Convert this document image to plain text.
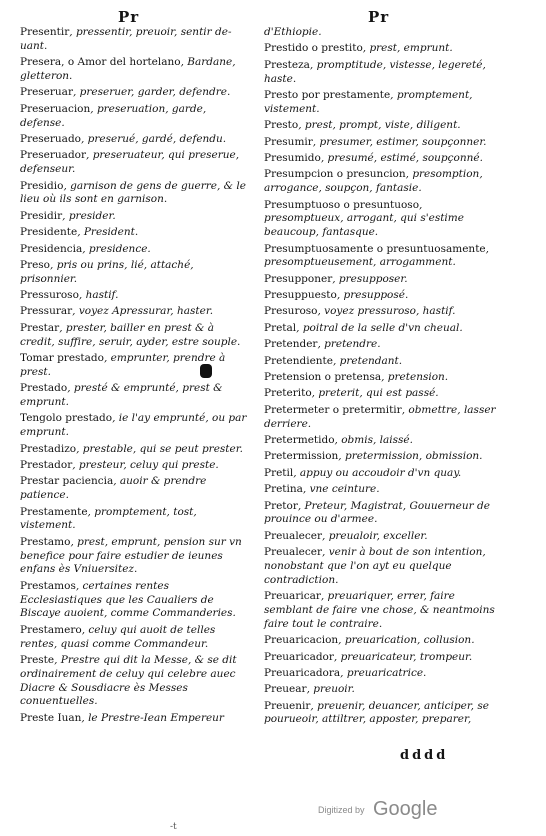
Pr	Pr

Presentir, pressentir, preuoir, sentir de-uant.

Presera, o Amor del hortelano, Bardane, gletteron.

Preseruar, preseruer, garder, defendre.

Preseruacion, preseruation, garde, defense.

Preseruado, preserué, gardé, defendu.

Preseruador, preseruateur, qui preserue, defenseur.

Presidio, garnison de gens de guerre, & le lieu où ils sont en garnison.

Presidir, presider.

Presidente, President.

Presidencia, presidence.

Preso, pris ou prins, lié, attaché, prisonnier.

Pressuroso, hastif.

Pressurar, voyez Apressurar, haster.

Prestar, prester, bailler en prest & à credit, suffire, seruir, ayder, estre souple.

Tomar prestado, emprunter, prendre à prest.

Prestado, presté & emprunté, prest & emprunt.

Tengolo prestado, ie l'ay emprunté, ou par emprunt.

Prestadizo, prestable, qui se peut prester.

Prestador, presteur, celuy qui preste.

Prestar paciencia, auoir & prendre patience.

Prestamente, promptement, tost, vistement.

Prestamo, prest, emprunt, pension sur vn benefice pour faire estudier de ieunes enfans ès Vniuersitez.

Prestamos, certaines rentes Ecclesiastiques que les Caualiers de Biscaye auoient, comme Commanderies.

Prestamero, celuy qui auoit de telles rentes, quasi comme Commandeur.

Preste, Prestre qui dit la Messe, & se dit ordinairement de celuy qui celebre auec Diacre & Sousdiacre ès Messes conuentuelles.

Preste Iuan, le Prestre-Iean Empereur

d'Ethiopie.

Prestido o prestito, prest, emprunt.

Presteza, promptitude, vistesse, legereté, haste.

Presto por prestamente, promptement, vistement.

Presto, prest, prompt, viste, diligent.

Presumir, presumer, estimer, soupçonner.

Presumido, presumé, estimé, soupçonné.

Presumpcion o presuncion, presomption, arrogance, soupçon, fantasie.

Presumptuoso o presuntuoso, presomptueux, arrogant, qui s'estime beaucoup, fantasque.

Presumptuosamente o presuntuosamente, presomptueusement, arrogamment.

Presupponer, presupposer.

Presuppuesto, presupposé.

Presuroso, voyez pressuroso, hastif.

Pretal, poitral de la selle d'vn cheual.

Pretender, pretendre.

Pretendiente, pretendant.

Pretension o pretensa, pretension.

Preterito, preterit, qui est passé.

Pretermeter o pretermitir, obmettre, lasser derriere.

Pretermetido, obmis, laissé.

Pretermission, pretermission, obmission.

Pretil, appuy ou accoudoir d'vn quay.

Pretina, vne ceinture.

Pretor, Preteur, Magistrat, Gouuerneur de prouince ou d'armee.

Preualecer, preualoir, exceller.

Preualecer, venir à bout de son intention, nonobstant que l'on ayt eu quelque contradiction.

Preuaricar, preuariquer, errer, faire semblant de faire vne chose, & neantmoins faire tout le contraire.

Preuaricacion, preuarication, collusion.

Preuaricador, preuaricateur, trompeur.

Preuaricadora, preuaricatrice.

Preuear, preuoir.

Preuenir, preuenir, deuancer, anticiper, se pourueoir, attiltrer, apposter, preparer,

dddd
Digitized by Google
-t
